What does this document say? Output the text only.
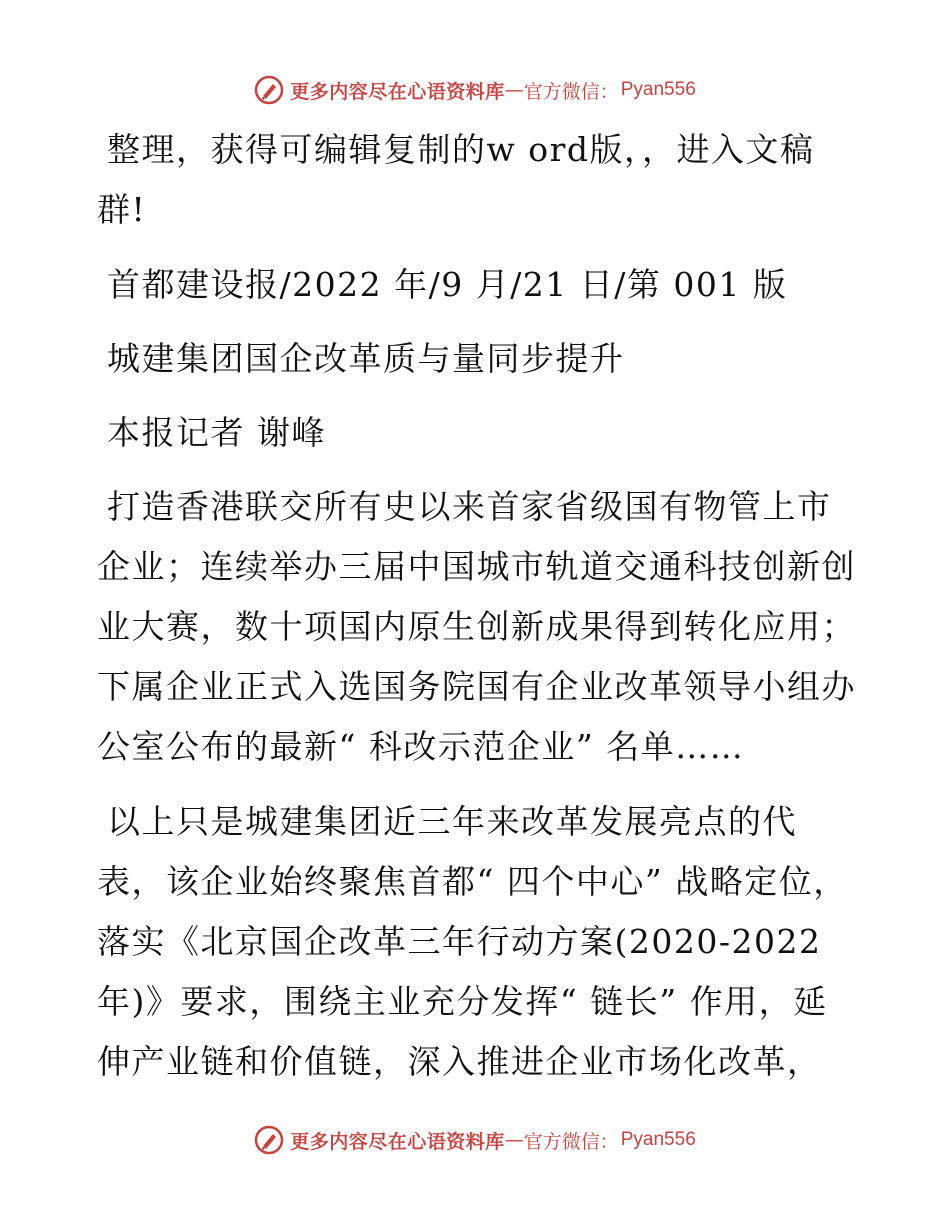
更多内容尽在心语资料库 — 官方微信： Pyan556

整理，获得可编辑复制的w ord版，，进入文稿群!

首都建设报/2022 年/9 月/21 日/第 001 版

城建集团国企改革质与量同步提升

本报记者 谢峰

打造香港联交所有史以来首家省级国有物管上市企业；连续举办三届中国城市轨道交通科技创新创业大赛，数十项国内原生创新成果得到转化应用；下属企业正式入选国务院国有企业改革领导小组办公室公布的最新“ 科改示范企业” 名单……

以上只是城建集团近三年来改革发展亮点的代表，该企业始终聚焦首都“ 四个中心” 战略定位，落实《北京国企改革三年行动方案(2020-2022年)》要求，围绕主业充分发挥“ 链长” 作用，延伸产业链和价值链，深入推进企业市场化改革，

更多内容尽在心语资料库 — 官方微信： Pyan556
